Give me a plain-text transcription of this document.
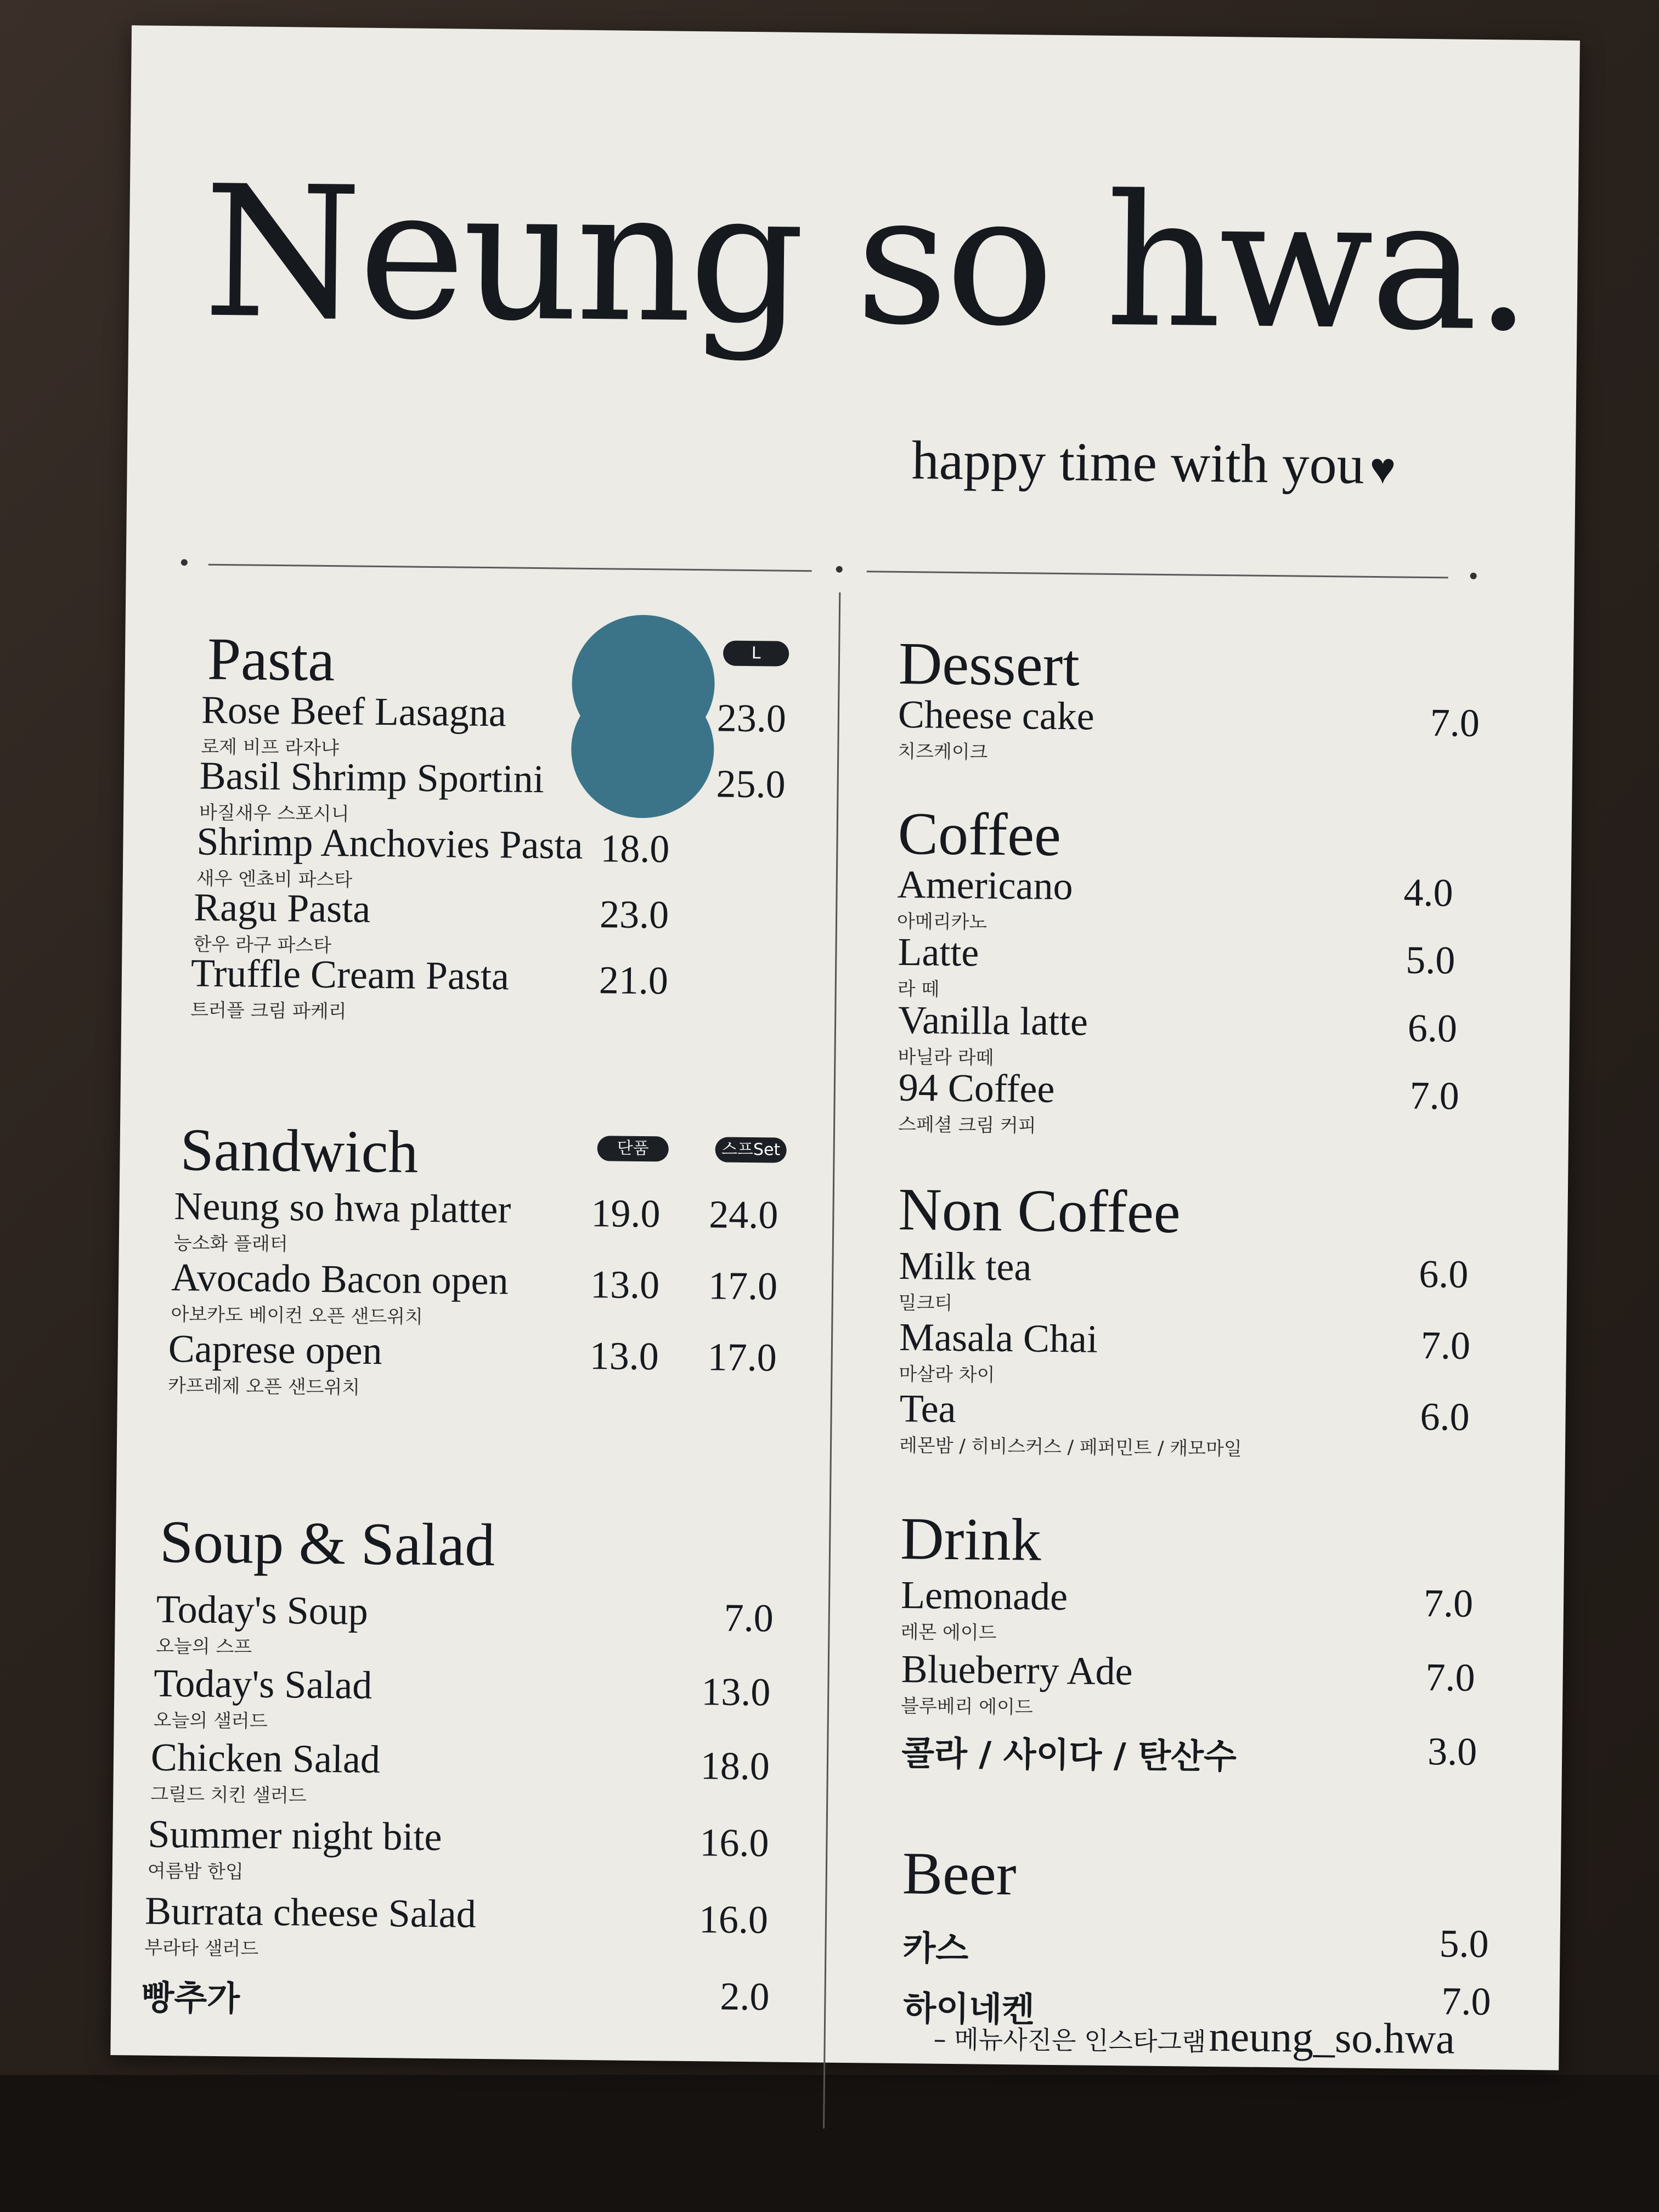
Neung so hwa.
happy time with you ♥
Pasta	L
Rose Beef Lasagna
로제 비프 라자냐
23.0
Basil Shrimp Sportini
바질새우 스포시니
25.0
Shrimp Anchovies Pasta
새우 엔쵸비 파스타
18.0
Ragu Pasta
한우 라구 파스타
23.0
Truffle Cream Pasta
트러플 크림 파케리
21.0
Sandwich	단품	스프Set
Neung so hwa platter
능소화 플래터
19.0 24.0
Avocado Bacon open
아보카도 베이컨 오픈 샌드위치
13.0 17.0
Caprese open
카프레제 오픈 샌드위치
13.0 17.0
Soup & Salad
Today's Soup
오늘의 스프
7.0
Today's Salad
오늘의 샐러드
13.0
Chicken Salad
그릴드 치킨 샐러드
18.0
Summer night bite
여름밤 한입
16.0
Burrata cheese Salad
부라타 샐러드
16.0
빵추가	2.0
Dessert
Cheese cake
치즈케이크
7.0
Coffee
Americano
아메리카노
4.0
Latte
라 떼
5.0
Vanilla latte
바닐라 라떼
6.0
94 Coffee
스페셜 크림 커피
7.0
Non Coffee
Milk tea
밀크티
6.0
Masala Chai
마살라 차이
7.0
Tea
레몬밤 / 히비스커스 / 페퍼민트 / 캐모마일
6.0
Drink
Lemonade
레몬 에이드
7.0
Blueberry Ade
블루베리 에이드
7.0
콜라 / 사이다 / 탄산수	3.0
Beer
카스	5.0
하이네켄	7.0
– 메뉴사진은 인스타그램 neung_so.hwa
